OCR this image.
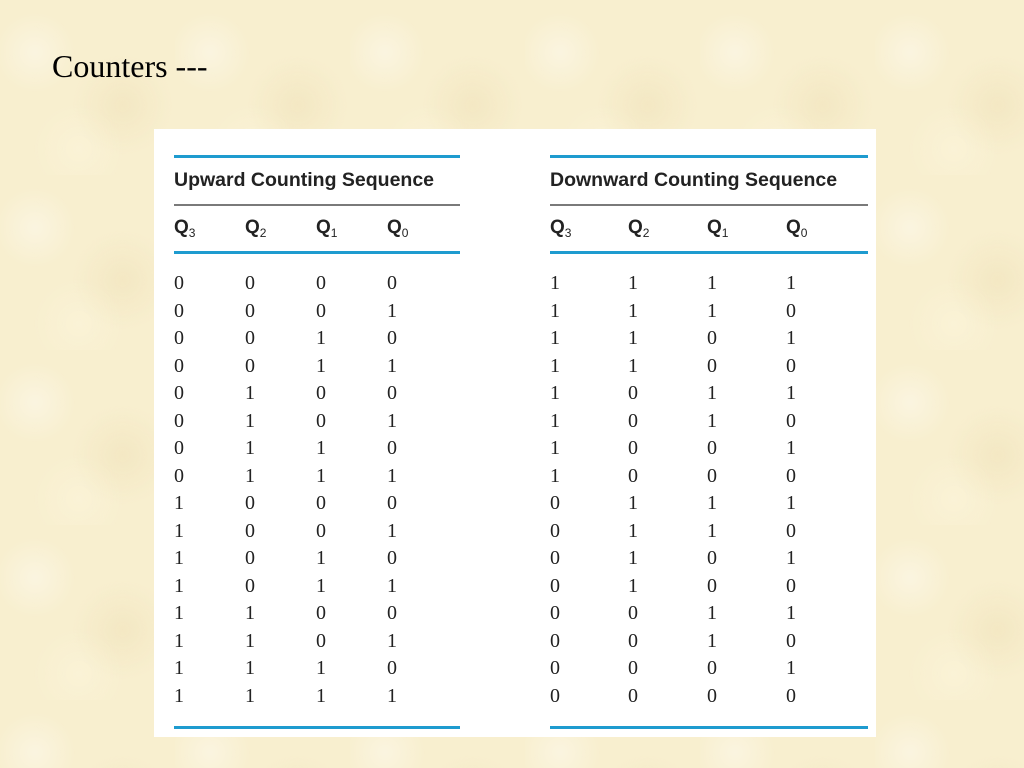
Counters ---
Upward Counting Sequence
$Q_3$	$Q_2$	$Q_1$	$Q_0$
0	0	0	0
0	0	0	1
0	0	1	0
0	0	1	1
0	1	0	0
0	1	0	1
0	1	1	0
0	1	1	1
1	0	0	0
1	0	0	1
1	0	1	0
1	0	1	1
1	1	0	0
1	1	0	1
1	1	1	0
1	1	1	1
Downward Counting Sequence
$Q_3$	$Q_2$	$Q_1$	$Q_0$
1	1	1	1
1	1	1	0
1	1	0	1
1	1	0	0
1	0	1	1
1	0	1	0
1	0	0	1
1	0	0	0
0	1	1	1
0	1	1	0
0	1	0	1
0	1	0	0
0	0	1	1
0	0	1	0
0	0	0	1
0	0	0	0
